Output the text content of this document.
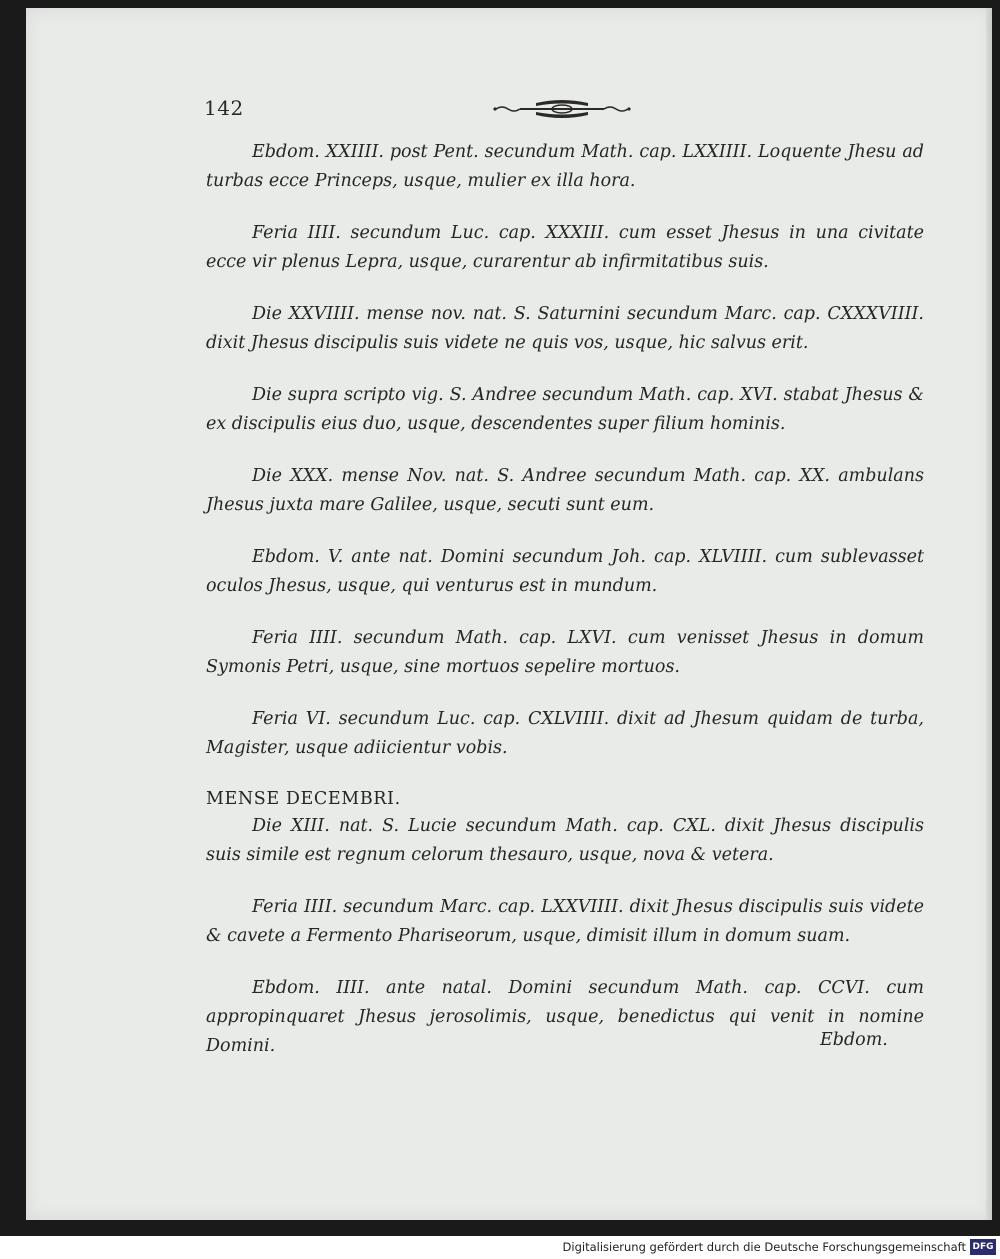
142

Ebdom. XXIIII. post Pent. secundum Math. cap. LXXIIII. Loquente Jhesu ad turbas ecce Princeps, usque, mulier ex illa hora.

Feria IIII. secundum Luc. cap. XXXIII. cum esset Jhesus in una civitate ecce vir plenus Lepra, usque, curarentur ab infirmitatibus suis.

Die XXVIIII. mense nov. nat. S. Saturnini secundum Marc. cap. CXXXVIIII. dixit Jhesus discipulis suis videte ne quis vos, usque, hic salvus erit.

Die supra scripto vig. S. Andree secundum Math. cap. XVI. stabat Jhesus & ex discipulis eius duo, usque, descendentes super filium hominis.

Die XXX. mense Nov. nat. S. Andree secundum Math. cap. XX. ambulans Jhesus juxta mare Galilee, usque, secuti sunt eum.

Ebdom. V. ante nat. Domini secundum Joh. cap. XLVIIII. cum sublevasset oculos Jhesus, usque, qui venturus est in mundum.

Feria IIII. secundum Math. cap. LXVI. cum venisset Jhesus in domum Symonis Petri, usque, sine mortuos sepelire mortuos.

Feria VI. secundum Luc. cap. CXLVIIII. dixit ad Jhesum quidam de turba, Magister, usque adiicientur vobis.

MENSE DECEMBRI.

Die XIII. nat. S. Lucie secundum Math. cap. CXL. dixit Jhesus discipulis suis simile est regnum celorum thesauro, usque, nova & vetera.

Feria IIII. secundum Marc. cap. LXXVIIII. dixit Jhesus discipulis suis videte & cavete a Fermento Phariseorum, usque, dimisit illum in domum suam.

Ebdom. IIII. ante natal. Domini secundum Math. cap. CCVI. cum appropinquaret Jhesus jerosolimis, usque, benedictus qui venit in nomine Domini.	Ebdom.
Digitalisierung gefördert durch die Deutsche Forschungsgemeinschaft DFG
